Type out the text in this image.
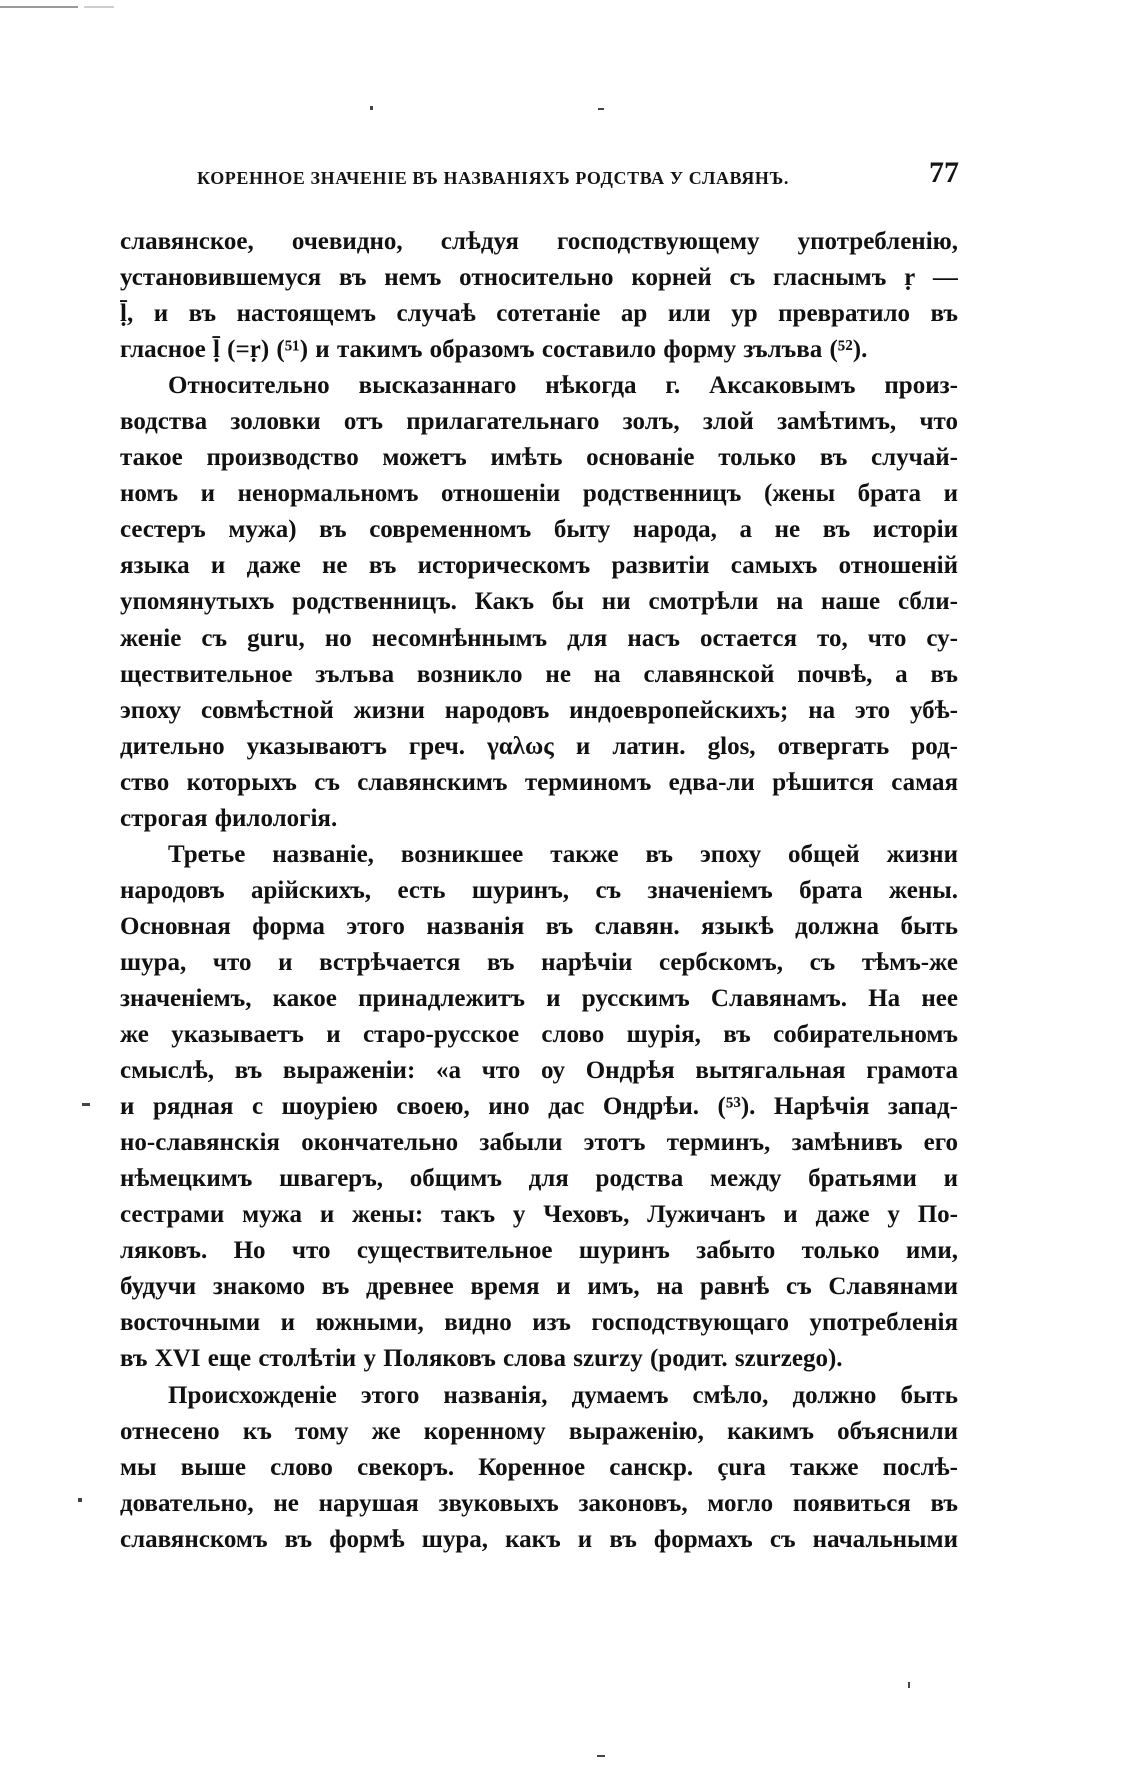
КОРЕННОЕ ЗНАЧЕНIЕ ВЪ НАЗВАНIЯХЪ РОДСТВА У СЛАВЯНЪ.	77
славянское, очевидно, слѣдуя господствующему употребленiю,
установившемуся въ немъ относительно корней съ гласнымъ ṛ —
ḹ, и въ настоящемъ случаѣ сотетанiе ар или ур превратило въ
гласное ḹ (=ṛ) (⁵¹) и такимъ образомъ составило форму зълъва (⁵²).
Относительно высказаннаго нѣкогда г. Аксаковымъ произ-
водства золовки отъ прилагательнаго золъ, злой замѣтимъ, что
такое производство можетъ имѣть основанiе только въ случай-
номъ и ненормальномъ отношенiи родственницъ (жены брата и
сестеръ мужа) въ современномъ быту народа, а не въ исторiи
языка и даже не въ историческомъ развитiи самыхъ отношенiй
упомянутыхъ родственницъ. Какъ бы ни смотрѣли на наше сбли-
женiе съ guru, но несомнѣннымъ для насъ остается то, что су-
ществительное зълъва возникло не на славянской почвѣ, а въ
эпоху совмѣстной жизни народовъ индоевропейскихъ; на это убѣ-
дительно указываютъ греч. γαλως и латин. glos, отвергать род-
ство которыхъ съ славянскимъ терминомъ едва-ли рѣшится самая
строгая филологiя.
Третье названiе, возникшее также въ эпоху общей жизни
народовъ арiйскихъ, есть шуринъ, съ значенiемъ брата жены.
Основная форма этого названiя въ славян. языкѣ должна быть
шура, что и встрѣчается въ нарѣчiи сербскомъ, съ тѣмъ-же
значенiемъ, какое принадлежитъ и русскимъ Славянамъ. На нее
же указываетъ и старо-русское слово шурiя, въ собирательномъ
смыслѣ, въ выраженiи: «а что оу Ондрѣя вытягальная грамота
и рядная с шоурiею своею, ино дас Ондрѣи. (⁵³). Нарѣчiя запад-
но-славянскiя окончательно забыли этотъ терминъ, замѣнивъ его
нѣмецкимъ швагеръ, общимъ для родства между братьями и
сестрами мужа и жены: такъ у Чеховъ, Лужичанъ и даже у По-
ляковъ. Но что существительное шуринъ забыто только ими,
будучи знакомо въ древнее время и имъ, на равнѣ съ Славянами
восточными и южными, видно изъ господствующаго употребленiя
въ XVI еще столѣтiи у Поляковъ слова szurzy (родит. szurzego).
Происхожденiе этого названiя, думаемъ смѣло, должно быть
отнесено къ тому же коренному выраженiю, какимъ объяснили
мы выше слово свекоръ. Коренное санскр. çura также послѣ-
довательно, не нарушая звуковыхъ законовъ, могло появиться въ
славянскомъ въ формѣ шура, какъ и въ формахъ съ начальными
